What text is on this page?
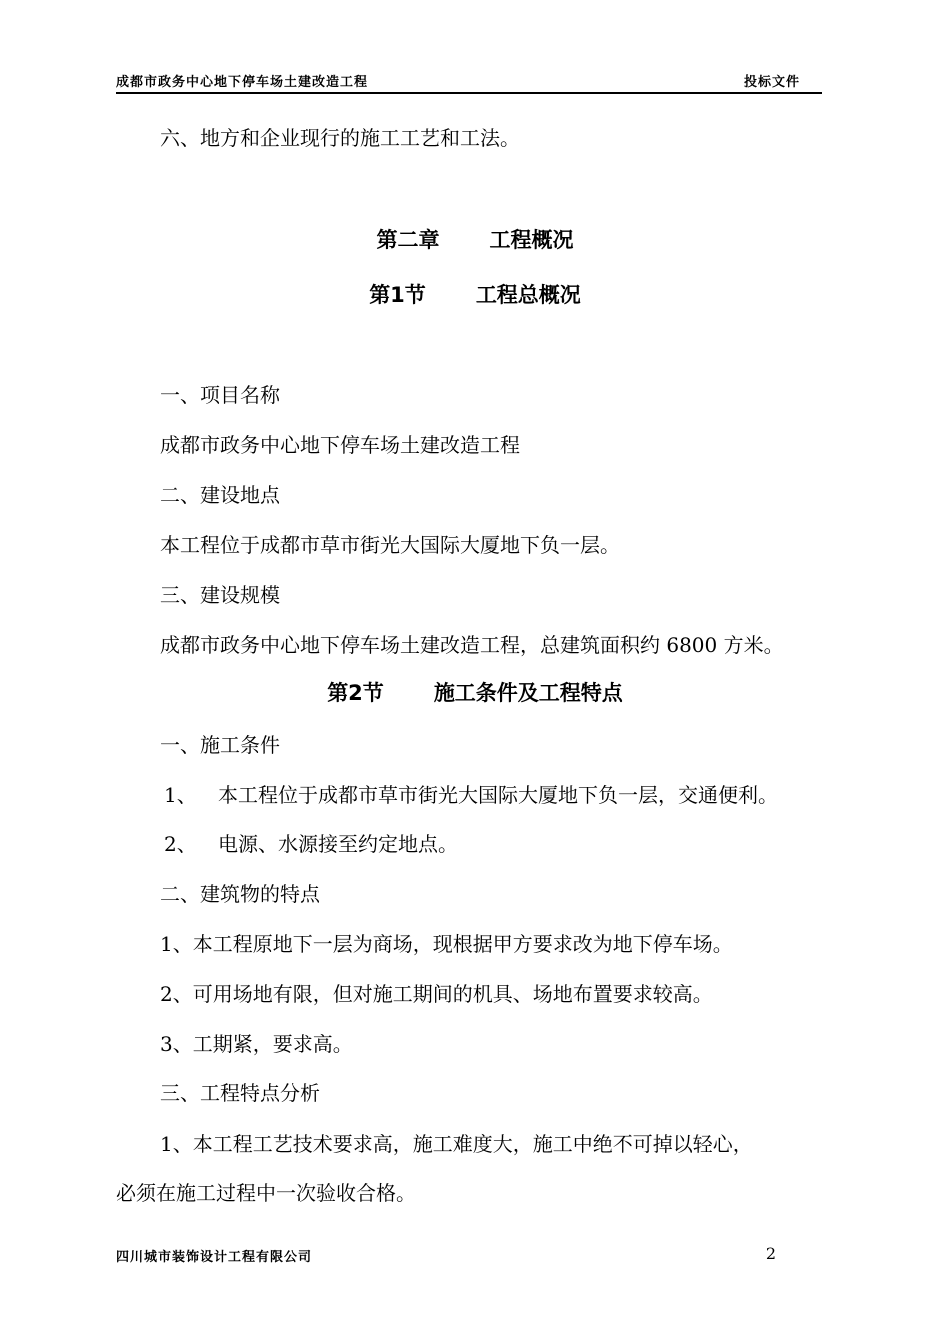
成都市政务中心地下停车场土建改造工程	投标文件
六、地方和企业现行的施工工艺和工法。
第二章 工程概况
第1节 工程总概况
一、项目名称
成都市政务中心地下停车场土建改造工程
二、建设地点
本工程位于成都市草市街光大国际大厦地下负一层。
三、建设规模
成都市政务中心地下停车场土建改造工程，总建筑面积约 6800 方米。
第2节 施工条件及工程特点
一、施工条件
1、 本工程位于成都市草市街光大国际大厦地下负一层，交通便利。
2、 电源、水源接至约定地点。
二、建筑物的特点
1、本工程原地下一层为商场，现根据甲方要求改为地下停车场。
2、可用场地有限，但对施工期间的机具、场地布置要求较高。
3、工期紧，要求高。
三、工程特点分析
1、本工程工艺技术要求高，施工难度大，施工中绝不可掉以轻心，
必须在施工过程中一次验收合格。
四川城市装饰设计工程有限公司	2
